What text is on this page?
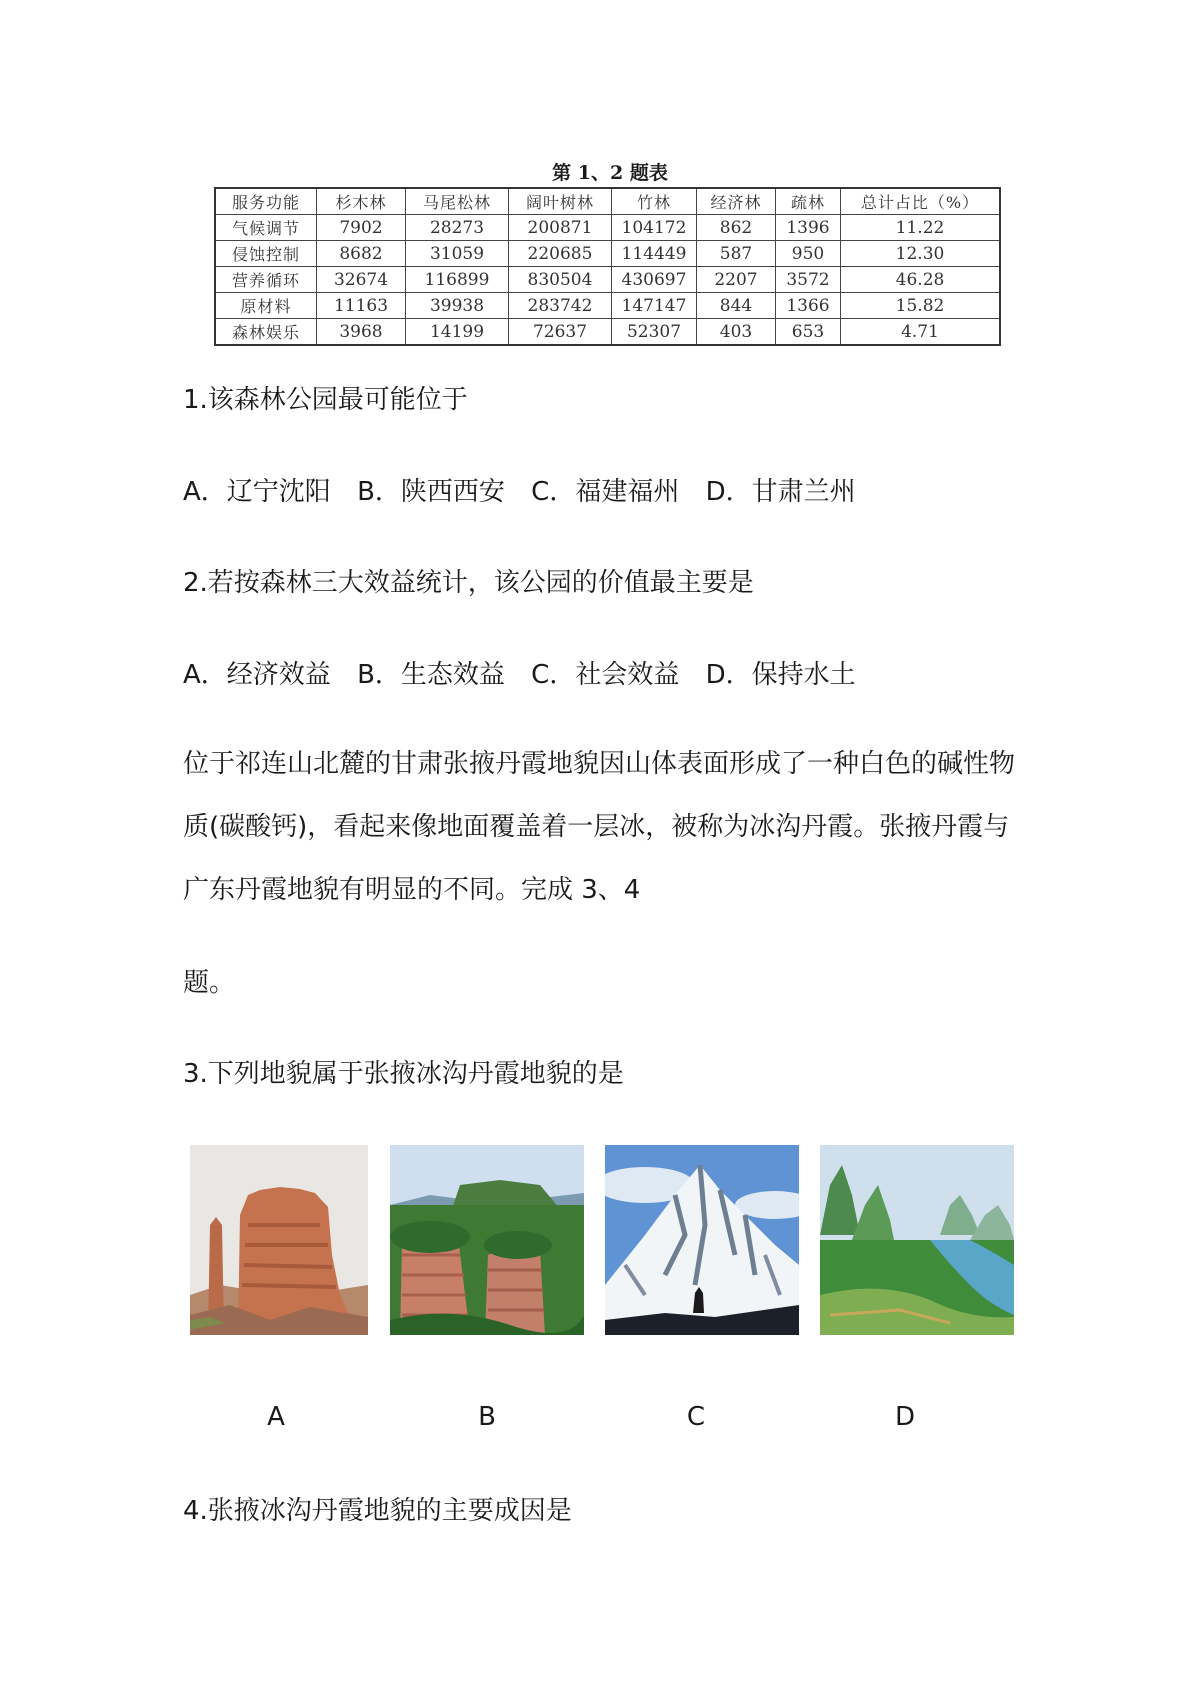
第 1、2 题表
服务功能	杉木林	马尾松林	阔叶树林	竹林	经济林	疏林	总计占比（%）
气候调节	7902	28273	200871	104172	862	1396	11.22
侵蚀控制	8682	31059	220685	114449	587	950	12.30
营养循环	32674	116899	830504	430697	2207	3572	46.28
原材料	11163	39938	283742	147147	844	1366	15.82
森林娱乐	3968	14199	72637	52307	403	653	4.71
1.该森林公园最可能位于
A．辽宁沈阳 B．陕西西安 C．福建福州 D．甘肃兰州
2.若按森林三大效益统计，该公园的价值最主要是
A．经济效益 B．生态效益 C．社会效益 D．保持水土
位于祁连山北麓的甘肃张掖丹霞地貌因山体表面形成了一种白色的碱性物质(碳酸钙)，看起来像地面覆盖着一层冰，被称为冰沟丹霞。张掖丹霞与广东丹霞地貌有明显的不同。完成 3、4
题。
3.下列地貌属于张掖冰沟丹霞地貌的是
A	B	C	D
4.张掖冰沟丹霞地貌的主要成因是
